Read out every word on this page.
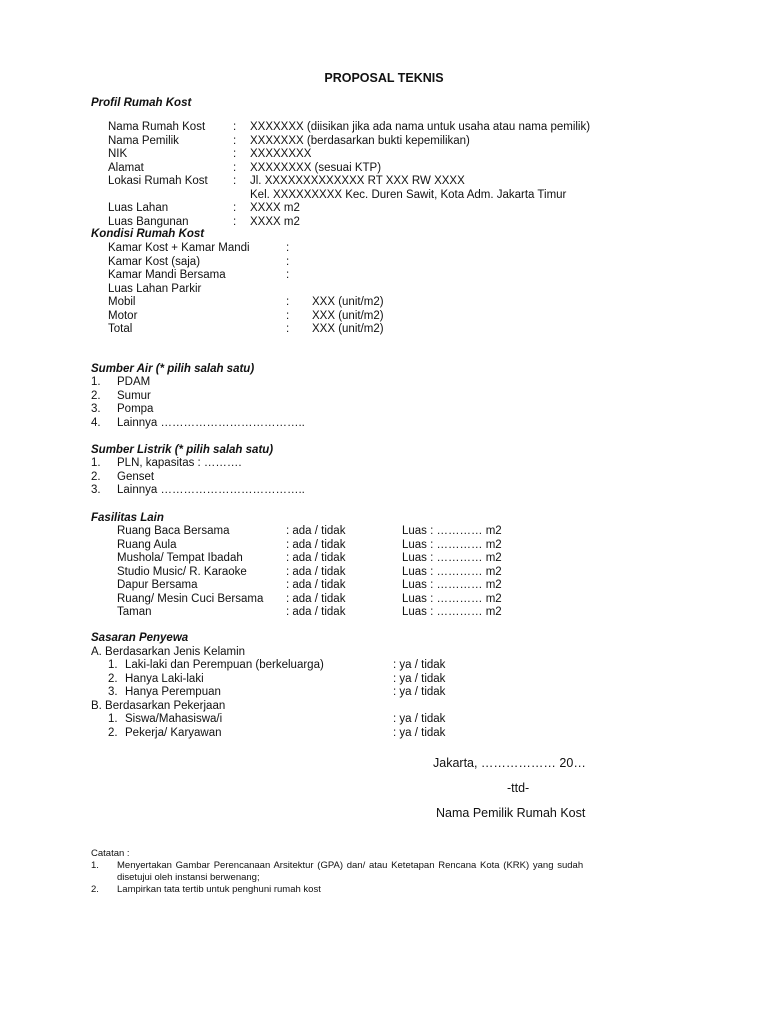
PROPOSAL TEKNIS
Profil Rumah Kost
Nama Rumah Kost : XXXXXXX (diisikan jika ada nama untuk usaha atau nama pemilik)
Nama Pemilik	: XXXXXXX (berdasarkan bukti kepemilikan)
NIK	: XXXXXXXX
Alamat	: XXXXXXXX (sesuai KTP)
Lokasi Rumah Kost : Jl. XXXXXXXXXXXXX RT XXX RW XXXX
Kel. XXXXXXXXX Kec. Duren Sawit, Kota Adm. Jakarta Timur
Luas Lahan	: XXXX m2
Luas Bangunan	: XXXX m2
Kondisi Rumah Kost
Kamar Kost + Kamar Mandi	:
Kamar Kost (saja)	:
Kamar Mandi Bersama	:
Luas Lahan Parkir
Mobil	: XXX (unit/m2)
Motor	: XXX (unit/m2)
Total	: XXX (unit/m2)
Sumber Air (* pilih salah satu)
1. PDAM
2. Sumur
3. Pompa
4. Lainnya ………………………………..
Sumber Listrik (* pilih salah satu)
1. PLN, kapasitas : ……….
2. Genset
3. Lainnya ………………………………..
Fasilitas Lain
Ruang Baca Bersama	: ada / tidak	Luas : ………… m2
Ruang Aula	: ada / tidak	Luas : ………… m2
Mushola/ Tempat Ibadah	: ada / tidak	Luas : ………… m2
Studio Music/ R. Karaoke	: ada / tidak	Luas : ………… m2
Dapur Bersama	: ada / tidak	Luas : ………… m2
Ruang/ Mesin Cuci Bersama : ada / tidak	Luas : ………… m2
Taman	: ada / tidak	Luas : ………… m2
Sasaran Penyewa
A. Berdasarkan Jenis Kelamin
1. Laki-laki dan Perempuan (berkeluarga)	: ya / tidak
2. Hanya Laki-laki	: ya / tidak
3. Hanya Perempuan	: ya / tidak
B. Berdasarkan Pekerjaan
1. Siswa/Mahasiswa/i	: ya / tidak
2. Pekerja/ Karyawan	: ya / tidak
Jakarta, ……………… 20…
-ttd-
Nama Pemilik Rumah Kost
Catatan :
1. Menyertakan Gambar Perencanaan Arsitektur (GPA) dan/ atau Ketetapan Rencana Kota (KRK) yang sudah
disetujui oleh instansi berwenang;
2. Lampirkan tata tertib untuk penghuni rumah kost
